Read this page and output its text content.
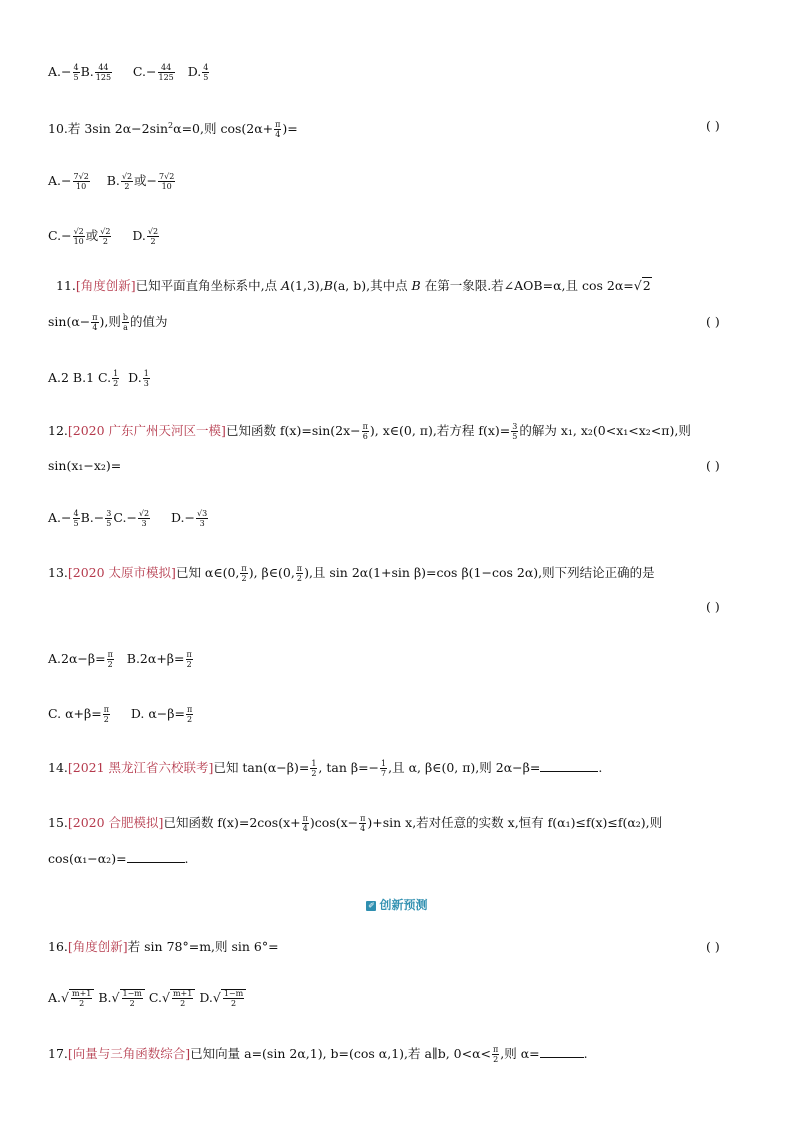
$A.- \frac{4}{5} B$. $\frac{44}{125} C.- \frac{44}{125} D$. $\frac{4}{5}$
10.若 3sin $2\alpha-2\sin^2\alpha=0$,则 $\cos(2\alpha+ \frac{\pi}{4}$ )=	( )
$A.- \frac{7√2}{10} B$. $\frac{√2}{2}$ 或− $\frac{7√2}{10}$
$C.- \frac{√2}{10}$ 或 $\frac{√2}{2} D$. $\frac{√2}{2}$
11.[角度创新]已知平面直角坐标系中,点 A(1,3),B(a, b),其中点 B 在第一象限.若∠AOB=α,且 cos 2α=√2
$\sin(\alpha- \frac{\pi}{4}$ ),则 $\frac{b}{a}$ 的值为	( )
A.2 B.1 C. $\frac{1}{2} D$. $\frac{1}{3}$
12.[2020 广东广州天河区一模]已知函数 $f(x)=\sin(2x- \frac{\pi}{6}$ ), x∈(0, π),若方程 $f(x)= \frac{3}{5}$ 的解为 x₁, x₂(0<x₁<x₂<π),则
sin(x₁−x₂)=	( )
$A.- \frac{4}{5} B.- \frac{3}{5} C.- \frac{√2}{3} D.- \frac{√3}{3}$
13.[2020 太原市模拟]已知 α∈(0, $\frac{\pi}{2}$ ), β∈(0, $\frac{\pi}{2}$ ),且 sin 2α(1+sin β)=cos β(1−cos 2α),则下列结论正确的是
( )
$A.2\alpha-\beta= \frac{\pi}{2} B.2\alpha+\beta= \frac{\pi}{2}$
C. $\alpha+\beta= \frac{\pi}{2} D$. $\alpha-\beta= \frac{\pi}{2}$
14.[2021 黑龙江省六校联考]已知 $\tan(\alpha-\beta)= \frac{1}{2}$ , $\tan \beta=- \frac{1}{7}$ ,且 α, β∈(0, π),则 2α−β=	.
15.[2020 合肥模拟]已知函数 $f(x)=2\cos(x+ \frac{\pi}{4} )\cos(x- \frac{\pi}{4} )+\sin$ x,若对任意的实数 x,恒有 f(α₁)≤f(x)≤f(α₂),则
cos(α₁−α₂)=	.
✐ 创新预测
16.[角度创新]若 sin 78°=m,则 sin 6°=	( )
$A.√ \frac{m+1}{2} B.√ \frac{1-m}{2} C.√ \frac{m+1}{2} D.√ \frac{1-m}{2}$
17.[向量与三角函数综合]已知向量 a=(sin 2α,1), b=(cos α,1),若 a∥b, $0<\alpha< \frac{\pi}{2}$ ,则 α=	.
